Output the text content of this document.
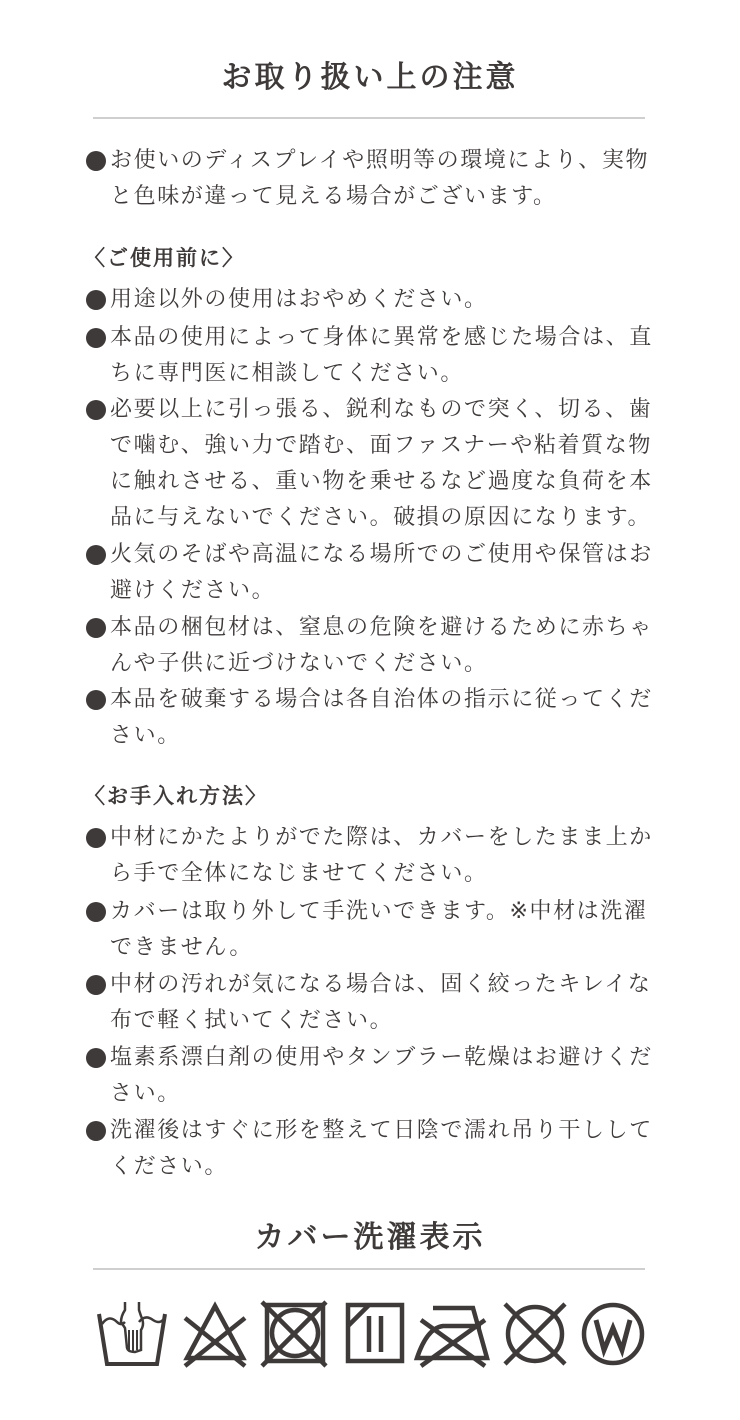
お取り扱い上の注意
お使いのディスプレイや照明等の環境により、実物と色味が違って見える場合がございます。
〈ご使用前に〉
用途以外の使用はおやめください。
本品の使用によって身体に異常を感じた場合は、直ちに専門医に相談してください。
必要以上に引っ張る、鋭利なもので突く、切る、歯で噛む、強い力で踏む、面ファスナーや粘着質な物に触れさせる、重い物を乗せるなど過度な負荷を本品に与えないでください。破損の原因になります。
火気のそばや高温になる場所でのご使用や保管はお避けください。
本品の梱包材は、窒息の危険を避けるために赤ちゃんや子供に近づけないでください。
本品を破棄する場合は各自治体の指示に従ってください。
〈お手入れ方法〉
中材にかたよりがでた際は、カバーをしたまま上から手で全体になじませてください。
カバーは取り外して手洗いできます。※中材は洗濯できません。
中材の汚れが気になる場合は、固く絞ったキレイな布で軽く拭いてください。
塩素系漂白剤の使用やタンブラー乾燥はお避けください。
洗濯後はすぐに形を整えて日陰で濡れ吊り干ししてください。
カバー洗濯表示
